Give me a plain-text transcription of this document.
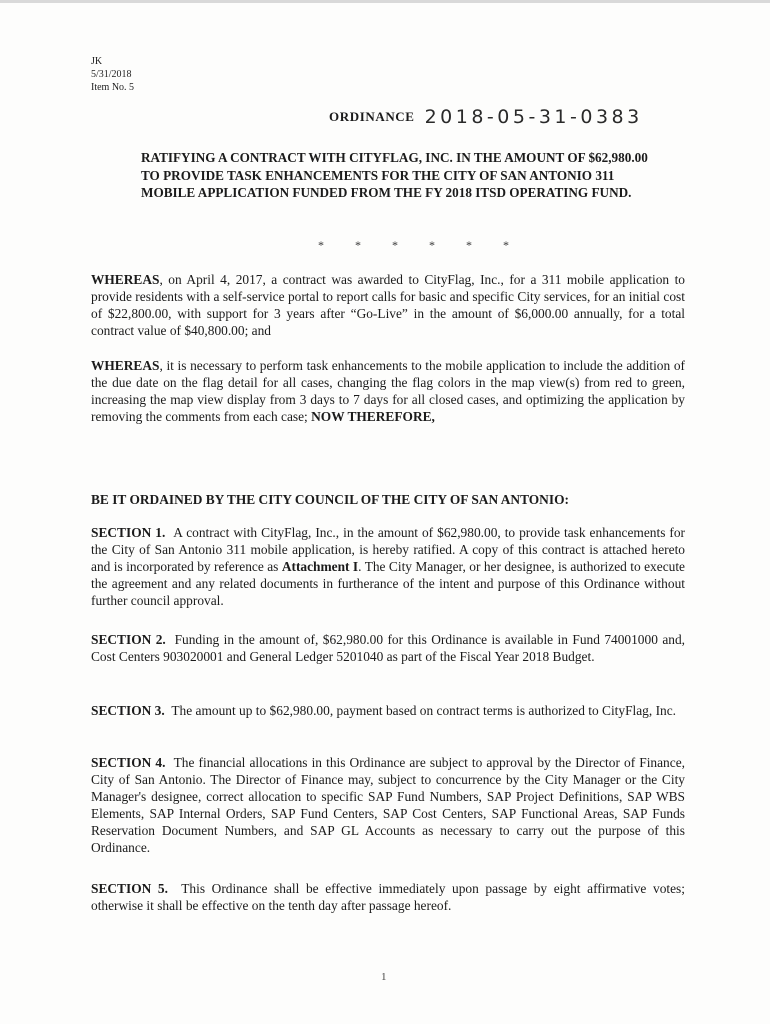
JK
5/31/2018
Item No. 5
ORDINANCE 2018-05-31-0383
RATIFYING A CONTRACT WITH CITYFLAG, INC. IN THE AMOUNT OF $62,980.00 TO PROVIDE TASK ENHANCEMENTS FOR THE CITY OF SAN ANTONIO 311 MOBILE APPLICATION FUNDED FROM THE FY 2018 ITSD OPERATING FUND.
* * * * * *
WHEREAS, on April 4, 2017, a contract was awarded to CityFlag, Inc., for a 311 mobile application to provide residents with a self-service portal to report calls for basic and specific City services, for an initial cost of $22,800.00, with support for 3 years after “Go-Live” in the amount of $6,000.00 annually, for a total contract value of $40,800.00; and
WHEREAS, it is necessary to perform task enhancements to the mobile application to include the addition of the due date on the flag detail for all cases, changing the flag colors in the map view(s) from red to green, increasing the map view display from 3 days to 7 days for all closed cases, and optimizing the application by removing the comments from each case; NOW THEREFORE,
BE IT ORDAINED BY THE CITY COUNCIL OF THE CITY OF SAN ANTONIO:
SECTION 1. A contract with CityFlag, Inc., in the amount of $62,980.00, to provide task enhancements for the City of San Antonio 311 mobile application, is hereby ratified. A copy of this contract is attached hereto and is incorporated by reference as Attachment I. The City Manager, or her designee, is authorized to execute the agreement and any related documents in furtherance of the intent and purpose of this Ordinance without further council approval.
SECTION 2. Funding in the amount of, $62,980.00 for this Ordinance is available in Fund 74001000 and, Cost Centers 903020001 and General Ledger 5201040 as part of the Fiscal Year 2018 Budget.
SECTION 3. The amount up to $62,980.00, payment based on contract terms is authorized to CityFlag, Inc.
SECTION 4. The financial allocations in this Ordinance are subject to approval by the Director of Finance, City of San Antonio. The Director of Finance may, subject to concurrence by the City Manager or the City Manager's designee, correct allocation to specific SAP Fund Numbers, SAP Project Definitions, SAP WBS Elements, SAP Internal Orders, SAP Fund Centers, SAP Cost Centers, SAP Functional Areas, SAP Funds Reservation Document Numbers, and SAP GL Accounts as necessary to carry out the purpose of this Ordinance.
SECTION 5. This Ordinance shall be effective immediately upon passage by eight affirmative votes; otherwise it shall be effective on the tenth day after passage hereof.
1
